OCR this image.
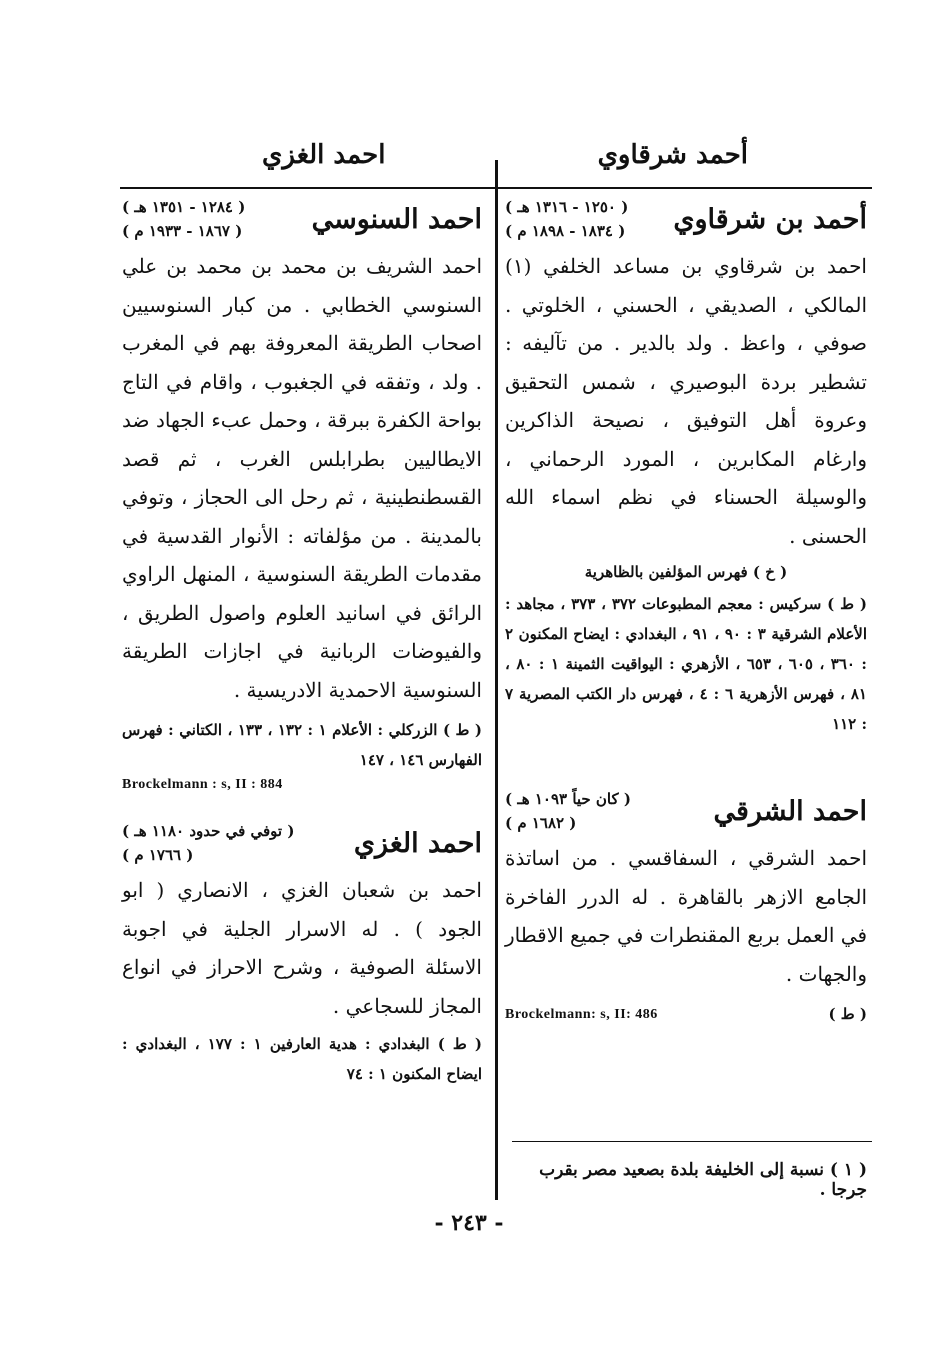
أحمد شرقاوي
احمد الغزي
أحمد بن شرقاوي
( ١٢٥٠ - ١٣١٦ هـ )
( ١٨٣٤ - ١٨٩٨ م )

احمد بن شرقاوي بن مساعد الخلفي (١) المالكي ، الصديقي ، الحسني ، الخلوتي . صوفي ، واعظ . ولد بالدير . من تآليفه : تشطير بردة البوصيري ، شمس التحقيق وعروة أهل التوفيق ، نصيحة الذاكرين وارغام المكابرين ، المورد الرحماني ، والوسيلة الحسناء في نظم اسماء الله الحسنى .

( خ ) فهرس المؤلفين بالظاهرية

( ط ) سركيس : معجم المطبوعات ٣٧٢ ، ٣٧٣ ، مجاهد : الأعلام الشرقية ٣ : ٩٠ ، ٩١ ، البغدادي : ايضاح المكنون ٢ : ٣٦٠ ، ٦٠٥ ، ٦٥٣ ، الأزهري : اليواقيت الثمينة ١ : ٨٠ ، ٨١ ، فهرس الأزهرية ٦ : ٤ ، فهرس دار الكتب المصرية ٧ : ١١٢

احمد الشرقي
( كان حياً ١٠٩٣ هـ )
( ١٦٨٢ م )

احمد الشرقي ، السفاقسي . من اساتذة الجامع الازهر بالقاهرة . له الدرر الفاخرة في العمل بربع المقنطرات في جميع الاقطار والجهات .

( ط )
Brockelmann: s, II: 486
( ١ ) نسبة إلى الخليفة بلدة بصعيد مصر بقرب جرجا .
احمد السنوسي
( ١٢٨٤ - ١٣٥١ هـ )
( ١٨٦٧ - ١٩٣٣ م )

احمد الشريف بن محمد بن محمد بن علي السنوسي الخطابي . من كبار السنوسيين اصحاب الطريقة المعروفة بهم في المغرب . ولد ، وتفقه في الجغبوب ، واقام في التاج بواحة الكفرة ببرقة ، وحمل عبء الجهاد ضد الايطاليين بطرابلس الغرب ، ثم قصد القسطنطينية ، ثم رحل الى الحجاز ، وتوفي بالمدينة . من مؤلفاته : الأنوار القدسية في مقدمات الطريقة السنوسية ، المنهل الراوي الرائق في اسانيد العلوم واصول الطريق ، والفيوضات الربانية في اجازات الطريقة السنوسية الاحمدية الادريسية .

( ط ) الزركلي : الأعلام ١ : ١٣٢ ، ١٣٣ ، الكتاني : فهرس الفهارس ١٤٦ ، ١٤٧

Brockelmann : s, II : 884
احمد الغزي
( توفي في حدود ١١٨٠ هـ )
( ١٧٦٦ م )

احمد بن شعبان الغزي ، الانصاري ( ابو الجود ) . له الاسرار الجلية في اجوبة الاسئلة الصوفية ، وشرح الاحراز في انواع المجاز للسجاعي .

( ط ) البغدادي : هدية العارفين ١ : ١٧٧ ، البغدادي : ايضاح المكنون ١ : ٧٤

- ٢٤٣ -
